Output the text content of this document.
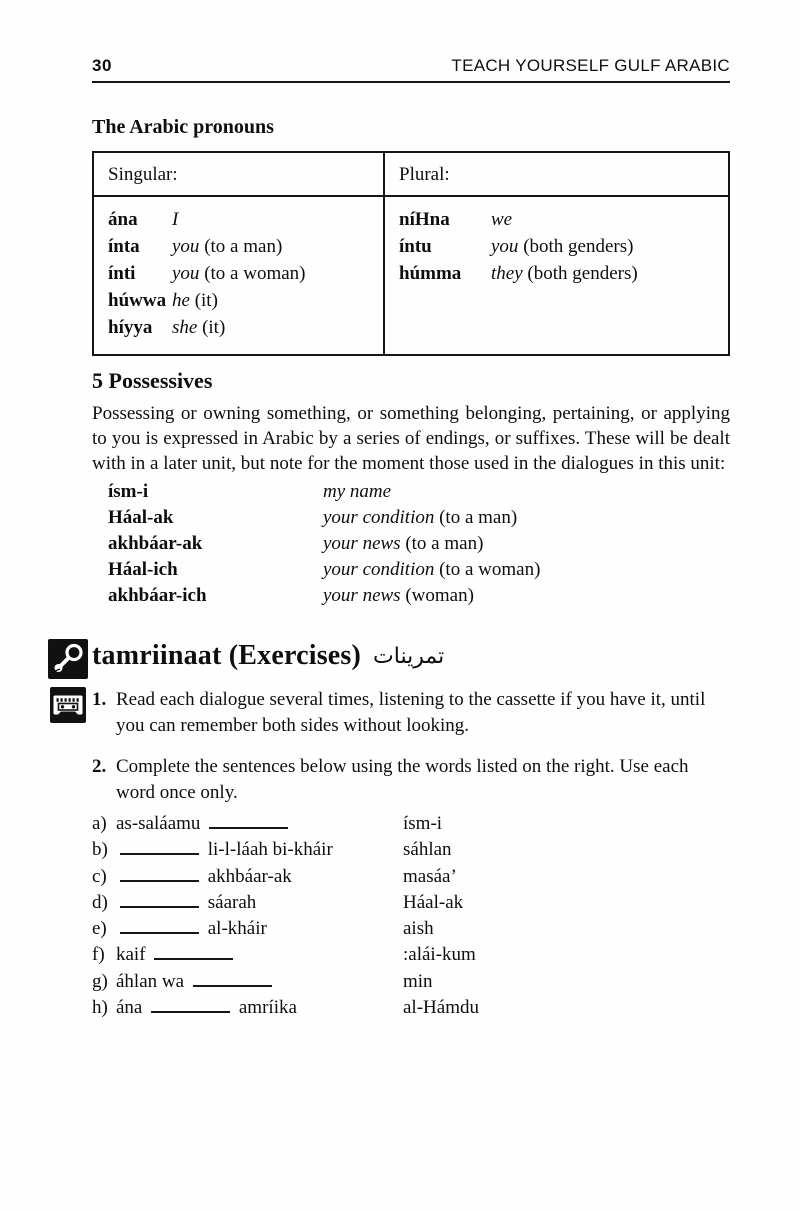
30	TEACH YOURSELF GULF ARABIC
The Arabic pronouns
Singular:
ána	I
ínta	you (to a man)
ínti	you (to a woman)
húwwa he (it)
híyya	she (it)
Plural:
níHna	we
íntu	you (both genders)
húmma	they (both genders)
5 Possessives

Possessing or owning something, or something belonging, pertaining, or applying to you is expressed in Arabic by a series of endings, or suffixes. These will be dealt with in a later unit, but note for the moment those used in the dialogues in this unit:

ísm-i	my name
Háal-ak	your condition (to a man)
akhbáar-ak	your news (to a man)
Háal-ich	your condition (to a woman)
akhbáar-ich	your news (woman)
tamriinaat (Exercises) تمرينات
1. Read each dialogue several times, listening to the cassette if you have it, until you can remember both sides without looking.
2. Complete the sentences below using the words listed on the right. Use each word once only.
a) as-saláamu	ísm-i
b)	li-l-láah bi-kháir	sáhlan
c)	akhbáar-ak	masáa’
d)	sáarah	Háal-ak
e)	al-kháir	aish
f) kaif	:alái-kum
g) áhlan wa	min
h) ána	amríika	al-Hámdu
